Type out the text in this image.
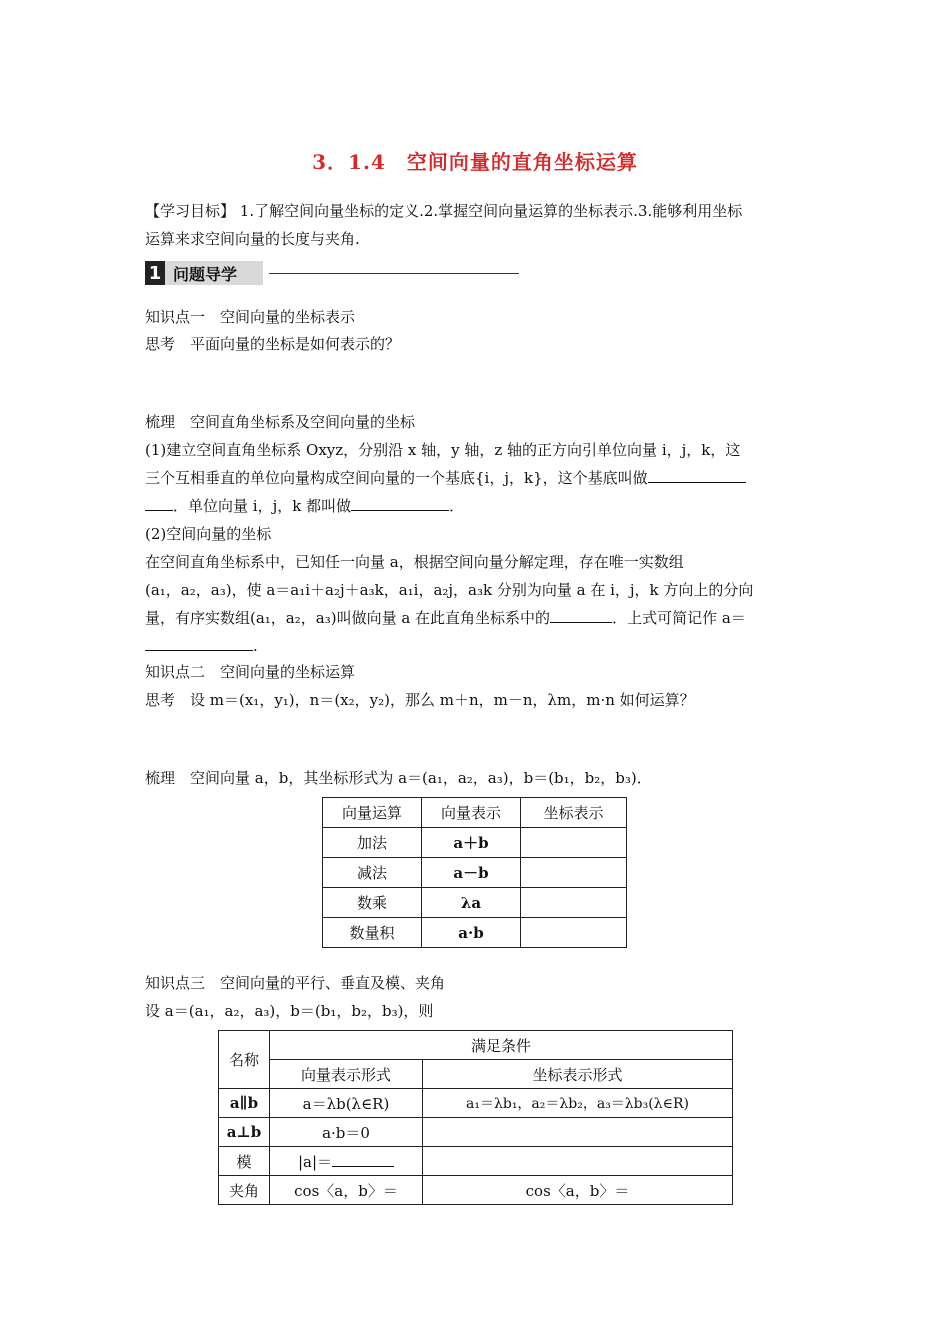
3．1.4　空间向量的直角坐标运算
【学习目标】 1.了解空间向量坐标的定义.2.掌握空间向量运算的坐标表示.3.能够利用坐标
运算来求空间向量的长度与夹角.
1 问题导学
知识点一　空间向量的坐标表示
思考　平面向量的坐标是如何表示的？
梳理　空间直角坐标系及空间向量的坐标
(1)建立空间直角坐标系 Oxyz，分别沿 x 轴，y 轴，z 轴的正方向引单位向量 i，j，k，这
三个互相垂直的单位向量构成空间向量的一个基底{i，j，k}，这个基底叫做
．单位向量 i，j，k 都叫做	．
(2)空间向量的坐标
在空间直角坐标系中，已知任一向量 a，根据空间向量分解定理，存在唯一实数组
(a₁，a₂，a₃)，使 a＝a₁i＋a₂j＋a₃k，a₁i，a₂j，a₃k 分别为向量 a 在 i，j，k 方向上的分向
量，有序实数组(a₁，a₂，a₃)叫做向量 a 在此直角坐标系中的	．上式可简记作 a＝
.
知识点二　空间向量的坐标运算
思考　设 m＝(x₁，y₁)，n＝(x₂，y₂)，那么 m＋n，m－n，λm，m·n 如何运算？
梳理　空间向量 a，b，其坐标形式为 a＝(a₁，a₂，a₃)，b＝(b₁，b₂，b₃)．
向量运算	向量表示	坐标表示
加法	a＋b	
减法	a－b	
数乘	λa	
数量积	a·b	
知识点三　空间向量的平行、垂直及模、夹角
设 a＝(a₁，a₂，a₃)，b＝(b₁，b₂，b₃)，则
名称	满足条件	
	向量表示形式	坐标表示形式
a∥b	a＝λb(λ∈R)	a₁＝λb₁，a₂＝λb₂，a₃＝λb₃(λ∈R)
a⊥b	a·b＝0	
模	|a|＝	
夹角	cos〈a，b〉＝	cos〈a，b〉＝
